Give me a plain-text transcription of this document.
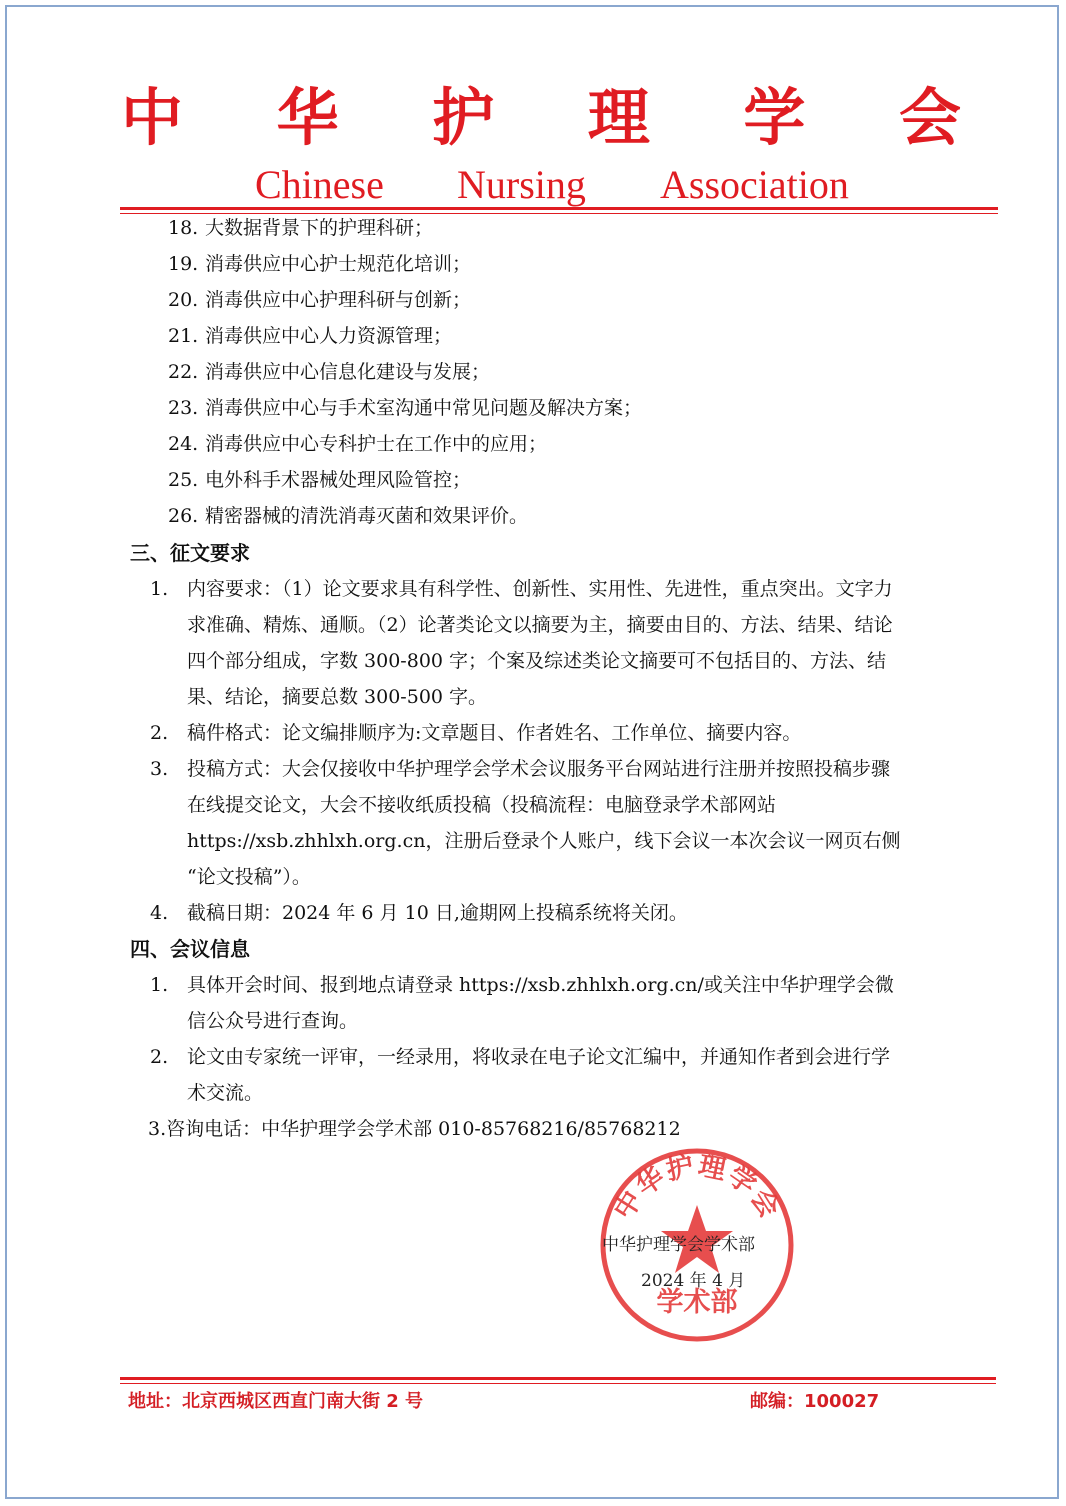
中 华 护 理 学 会
Chinese Nursing Association
18. 大数据背景下的护理科研；
19. 消毒供应中心护士规范化培训；
20. 消毒供应中心护理科研与创新；
21. 消毒供应中心人力资源管理；
22. 消毒供应中心信息化建设与发展；
23. 消毒供应中心与手术室沟通中常见问题及解决方案；
24. 消毒供应中心专科护士在工作中的应用；
25. 电外科手术器械处理风险管控；
26. 精密器械的清洗消毒灭菌和效果评价。
三、征文要求
1. 内容要求：（1）论文要求具有科学性、创新性、实用性、先进性，重点突出。文字力
求准确、精炼、通顺。（2）论著类论文以摘要为主，摘要由目的、方法、结果、结论
四个部分组成，字数 300-800 字；个案及综述类论文摘要可不包括目的、方法、结
果、结论，摘要总数 300-500 字。
2. 稿件格式：论文编排顺序为:文章题目、作者姓名、工作单位、摘要内容。
3. 投稿方式：大会仅接收中华护理学会学术会议服务平台网站进行注册并按照投稿步骤
在线提交论文，大会不接收纸质投稿（投稿流程：电脑登录学术部网站
https://xsb.zhhlxh.org.cn，注册后登录个人账户，线下会议一本次会议一网页右侧
“论文投稿”）。
4. 截稿日期：2024 年 6 月 10 日,逾期网上投稿系统将关闭。
四、会议信息
1. 具体开会时间、报到地点请登录 https://xsb.zhhlxh.org.cn/或关注中华护理学会微
信公众号进行查询。
2. 论文由专家统一评审，一经录用，将收录在电子论文汇编中，并通知作者到会进行学
术交流。
3.咨询电话：中华护理学会学术部 010-85768216/85768212
中华护理学会
学术部
中华护理学会学术部
2024 年 4 月
地址：北京西城区西直门南大街 2 号	邮编：100027
